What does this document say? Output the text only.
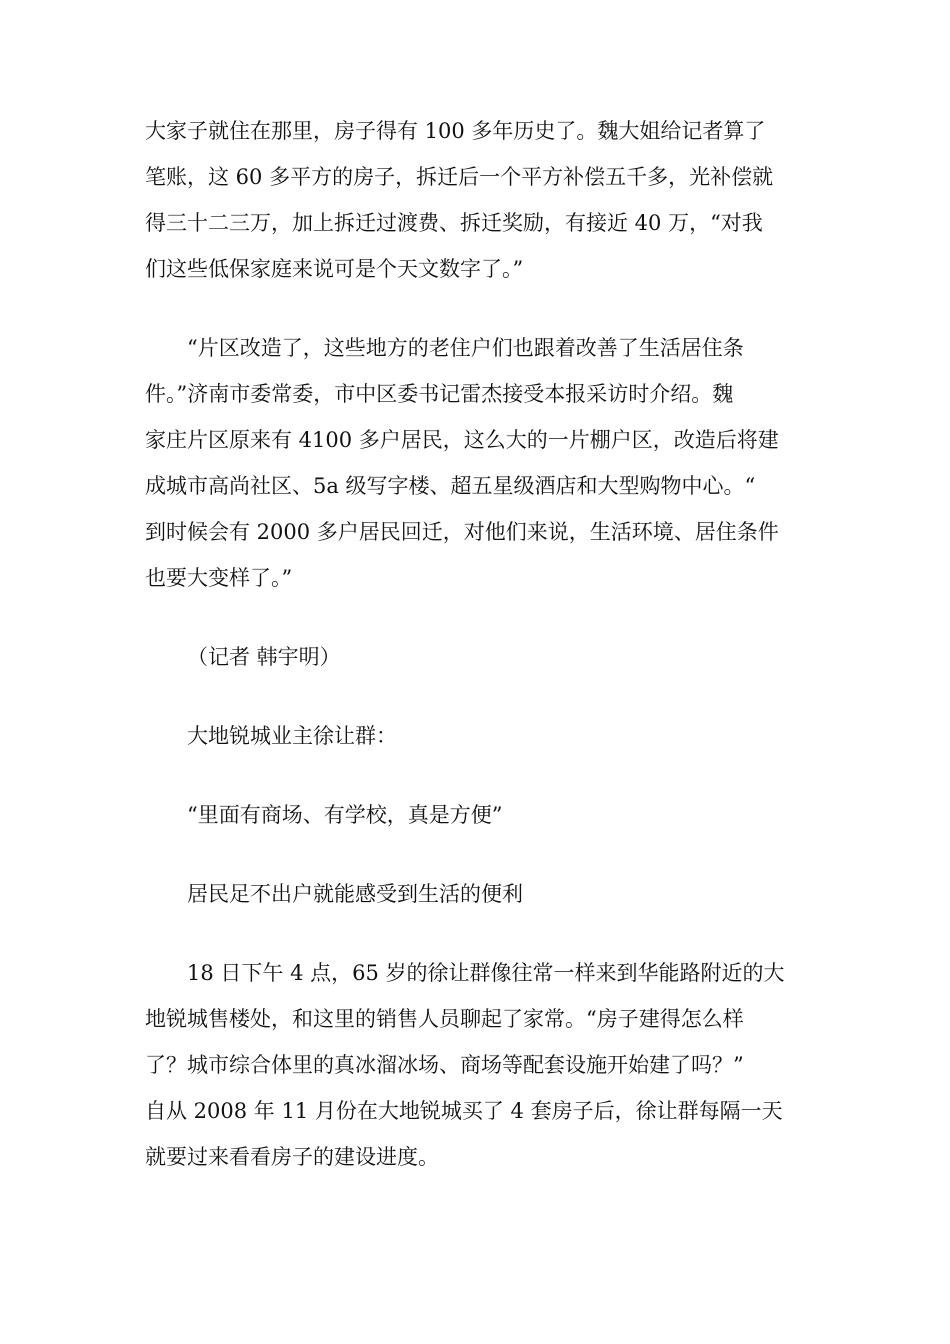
大家子就住在那里，房子得有 100 多年历史了。魏大姐给记者算了
笔账，这 60 多平方的房子，拆迁后一个平方补偿五千多，光补偿就
得三十二三万，加上拆迁过渡费、拆迁奖励，有接近 40 万，“对我
们这些低保家庭来说可是个天文数字了。”

“片区改造了，这些地方的老住户们也跟着改善了生活居住条
件。”济南市委常委，市中区委书记雷杰接受本报采访时介绍。魏
家庄片区原来有 4100 多户居民，这么大的一片棚户区，改造后将建
成城市高尚社区、5a 级写字楼、超五星级酒店和大型购物中心。“
到时候会有 2000 多户居民回迁，对他们来说，生活环境、居住条件
也要大变样了。”

（记者 韩宇明）

大地锐城业主徐让群：

“里面有商场、有学校，真是方便”

居民足不出户就能感受到生活的便利

18 日下午 4 点，65 岁的徐让群像往常一样来到华能路附近的大
地锐城售楼处，和这里的销售人员聊起了家常。“房子建得怎么样
了？城市综合体里的真冰溜冰场、商场等配套设施开始建了吗？”
自从 2008 年 11 月份在大地锐城买了 4 套房子后，徐让群每隔一天
就要过来看看房子的建设进度。
